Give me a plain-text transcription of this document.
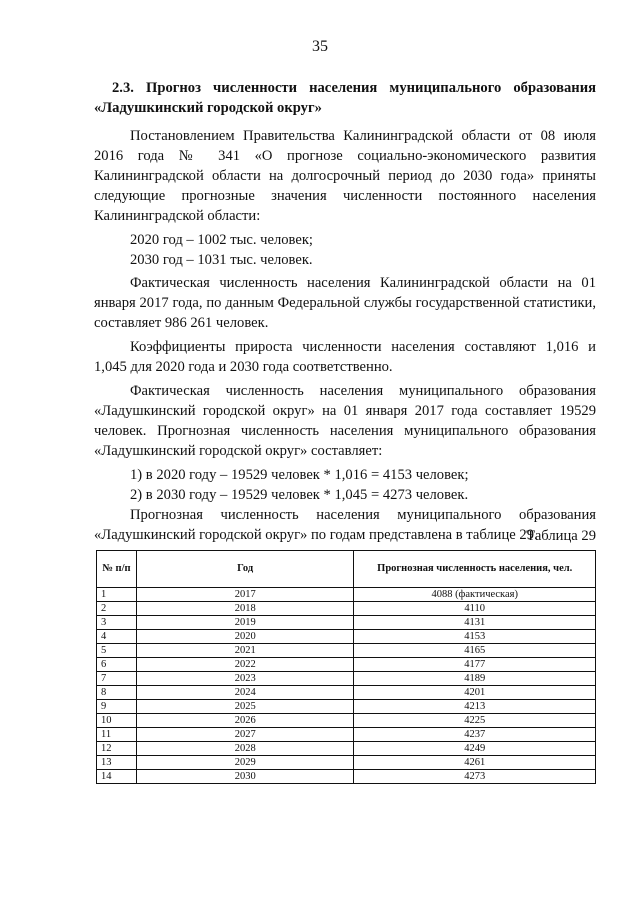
35
2.3. Прогноз численности населения муниципального образования «Ладушкинский городской округ»

Постановлением Правительства Калининградской области от 08 июля 2016 года № 341 «О прогнозе социально-экономического развития Калининградской области на долгосрочный период до 2030 года» приняты следующие прогнозные значения численности постоянного населения Калининградской области:

2020 год – 1002 тыс. человек;

2030 год – 1031 тыс. человек.

Фактическая численность населения Калининградской области на 01 января 2017 года, по данным Федеральной службы государственной статистики, составляет 986 261 человек.

Коэффициенты прироста численности населения составляют 1,016 и 1,045 для 2020 года и 2030 года соответственно.

Фактическая численность населения муниципального образования «Ладушкинский городской округ» на 01 января 2017 года составляет 19529 человек. Прогнозная численность населения муниципального образования «Ладушкинский городской округ» составляет:

1) в 2020 году – 19529 человек * 1,016 = 4153 человек;

2) в 2030 году – 19529 человек * 1,045 = 4273 человек.

Прогнозная численность населения муниципального образования «Ладушкинский городской округ» по годам представлена в таблице 29.

Таблица 29
№ п/п	Год	Прогнозная численность населения, чел.
1	2017	4088 (фактическая)
2	2018	4110
3	2019	4131
4	2020	4153
5	2021	4165
6	2022	4177
7	2023	4189
8	2024	4201
9	2025	4213
10	2026	4225
11	2027	4237
12	2028	4249
13	2029	4261
14	2030	4273
